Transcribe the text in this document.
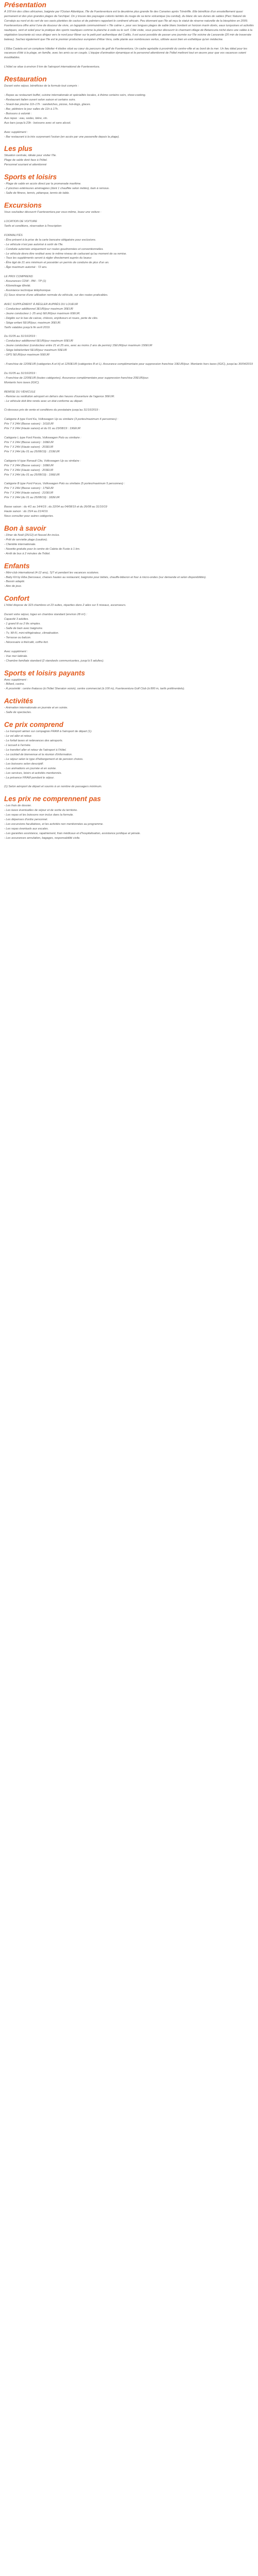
Présentation

À 100 km des côtes africaines, baignée par l'Océan Atlantique, l'île de Fuerteventura est la deuxième plus grande île des Canaries après Ténériffe. Elle bénéficie d'un ensoleillement quasi permanent et des plus grandes plages de l'archipel. On y trouve des paysages colorés teintés du rouge de sa terre volcanique (ou cenital), du blanc de ses dunes de sables (Parc Naturel de Corralejo au nord et du vert de ses oasis plantées de cactus et de palmiers rappelant le continent africain. Peu étonnant que l'île ait reçu le statut de réserve naturelle de la biosphère en 2009. Fuerteventura offre ainsi l'une de douceur de vivre, un lagopède communément « l'île calme », pour ses longues plages de sable blanc bordant un horizon marin dorés, eaux turquoises et activités nautiques, vent et soleil pour la pratique des sports nautiques comme la planche à voile ou le surf. Côté visite, vous pourrez découvrir le charmant village de Betancuria niché dans une vallée à la végétation luxuriante où vous dirigez vers le nord pour flâner sur le petit port authentique del Cotillo, il est aussi possible de passer une journée sur l'île voisine de Lanzarote (20 min de traversée bateau). Sachez également que l'île est le premier producteur européen d'Aloe Vera, cette plante aux nombreuses vertus, utilisée aussi bien en esthétique qu'en médecine.

L'Elba Castela est un complexe hôtelier 4 étoiles situé au cœur du parcours de golf de Fuerteventura. Un cadre agréable à proximité du centre-ville et au bord de la mer. Un lieu idéal pour les vacances d'été à la plage, en famille, avec les amis ou en couple. L'équipe d'animation dynamique et le personnel attentionné de l'hôtel mettront tout en œuvre pour que vos vacances soient inoubliables.

L'hôtel se situe à environ 9 km de l'aéroport international de Fuerteventura.

Restauration

Durant votre séjour, bénéficiez de la formule tout compris :

- Repas au restaurant buffet, cuisine internationale et spécialités locales, à thème certains soirs, show-cooking.
- Restaurant italien ouvert selon saison et certains soirs.
- Snack-bar piscine 11h-17h : sandwiches, pizzas, hot-dogs, glaces.
- Bar, piètiniers le jour salles de 11h à 17h.
- Boissons à volonté :
Aux repas : eau, sodas, bière, vin.
Aux bars jusqu'à 23h : boissons avec et sans alcool.

Avec supplément :
- Bar restaurant à la très surprenant l'océan (en accès par une passerelle depuis la plage).

Les plus

Situation centrale, idéale pour visiter l'île.
Plage de sable doré face à l'hôtel.
Personnel souriant et attentionné

Sports et loisirs

- Plage de sable en accès direct par la promenade maritime.
- 2 piscines extérieures aménagées (dont 1 chauffée selon météo), bain à remous.
- Salle de fitness, tennis, pétanque, tennis de table.

Excursions

Vous souhaitez découvrir Fuerteventura par vous-même, louez une voiture :

LOCATION DE VOITURE
Tarifs et conditions, réservation à l'inscription

FORMALITÉS
- Être présent à la prise de la carte bancaire obligatoire pour exclusions.
- Le véhicule n'est pas autorisé à sortir de l'île.
- Conduite autorisée uniquement sur routes goudronnées et conventionnelles.
- Le véhicule devra être restitué avec le même niveau de carburant qu'au moment de sa remise.
- Tous les suppléments seront à régler directement auprès du loueur.
- Être âgé de 21 ans minimum et posséder un permis de conduire de plus d'un an.
- Âge maximum autorisé : 72 ans.

LE PRIX COMPREND
- Assurances CDW - PAI - TP (1)
- Kilométrage illimité.
- Assistance technique téléphonique.
(1) Sous réserve d'une utilisation normale du véhicule, sur des routes praticables.

AVEC SUPPLÉMENT À RÉGLER AUPRÈS DU LOUEUR
- Conducteur additionnel 3EUR/jour maximum 30EUR
- Jeune conducteur (- 25 ans) 6EUR/jour maximum 60EUR.
- Dégâts sur le bas de caisse, châssis, enjoliveurs et roues, perte de clés.
- Siège enfant 5EUR/jour, maximum 30EUR.
Tarifs valables jusqu'à fin avril 2019.

Du 01/05 au 31/10/2019 :
- Conducteur additionnel 6EUR/jour maximum 60EUR
- Jeune conducteur (conducteur entre 21 et 25 ans, avec au moins 2 ans de permis) 15EUR/jour maximum 150EUR
- Siège bébé/enfant 5EUR/jour maximum 50EUR
- GPS 5EUR/jour maximum 50EUR

- Franchise de 1200EUR (catégories A et H) et 1250EUR (catégories B et L). Assurance complémentaire pour suppression franchise 10EUR/jour. Montants hors taxes (IGIC), jusqu'au 30/04/2019

Du 01/05 au 31/10/2019 :
- Franchise de 1200EUR (toutes catégories). Assurance complémentaire pour suppression franchise 20EUR/jour.
Montants hors taxes (IGIC).

REMISE DU VÉHICULE
- Remise ou restitution aéroport en dehors des heures d'ouverture de l'agence 30EUR.
- Le véhicule doit être rendu avec un état conforme au départ.

Ci-dessous prix de vente et conditions du prestataire jusqu'au 31/10/2019 :

Catégorie A type Ford Ka, Volkswagen Up ou similaire (3 portes/maximum 4 personnes) :
Prix 7 X 24H (Basse saison) : 161EUR
Prix 7 X 24H (Haute saison) et du 01 au 23/08/19 : 196EUR

Catégorie L type Ford Fiesta, Volkswagen Polo ou similaire :
Prix 7 X 24H (Basse saison) : 168EUR
Prix 7 X 24H (Haute saison) : 203EUR
Prix 7 X 24H (du 01 au 25/08/19) : 210EUR

Catégorie H type Renault Clio, Volkswagen Up ou similaire :
Prix 7 X 24H (Basse saison) : 168EUR
Prix 7 X 24H (Haute saison) : 203EUR
Prix 7 X 24H (du 01 au 25/08/19) : 196EUR

Catégorie B type Ford Focus, Volkswagen Polo ou similaire (5 portes/maximum 5 personnes) :
Prix 7 X 24H (Basse saison) : 175EUR
Prix 7 X 24H (Haute saison) : 210EUR
Prix 7 X 24H (du 01 au 25/08/19) : 182EUR

Basse saison : du 4/1 au 14/4/19 ; du 22/04 au 04/08/19 et du 26/08 au 31/10/19
Haute saison : du 15/4 au 21/4/19.
Nous consulter pour autres catégories.

Bon à savoir

- Dîner de Noël (25/12) et Nouvel An inclus.
- Prêt de serviette plage (caution).
- Clientèle internationale.
- Navette gratuite pour le centre de Caleta de Fuste à 1 km.
- Arrêt de bus à 2 minutes de l'hôtel.

Enfants

- Mini-club international (4-12 ans), 7j/7 et pendant les vacances scolaires.
- Baby Kit by Elba (berceaux, chaises hautes au restaurant, baignoire pour bébés, chauffe-biberon et four à micro-ondes (sur demande et selon disponibilités).
- Bassin adapté.
- Aire de jeux.

Confort

L'hôtel dispose de 323 chambres et 23 suites, réparties dans 2 ailes sur 5 niveaux, ascenseurs.

Durant votre séjour, logez en chambre standard (environ 28 m²) :
Capacité 3 adultes.
- 1 grand lit ou 2 lits simples.
- Salle de bain avec baignoire.
- Tv, Wi-Fi, mini-réfrigérateur, climatisation.
- Terrasse ou balcon.
- Nécessaire à thé/café, coffre-fort.

Avec supplément :
- Vue mer latérale.
- Chambre familiale standard (2 standards communicantes, jusqu'à 5 adultes).

Sports et loisirs payants

Avec supplément :
- Billard, casino.
- À proximité : centre thalasso (à l'hôtel Sheraton voisin), centre commercial (à 100 m), Fuerteventura Golf Club (à 800 m, tarifs préférentiels).

Activités

- Animation internationale en journée et en soirée.
- Salle de spectacles.

Ce prix comprend

- Le transport aérien sur compagnie FRAM à l'aéroport de départ (1).
- Le vol aller et retour.
- Le forfait taxes et redevances des aéroports.
- L'accueil à l'arrivée.
- Le transfert aller et retour de l'aéroport à l'hôtel.
- Le cocktail de bienvenue et la réunion d'information.
- Le séjour selon le type d'hébergement et de pension choisis.
- Les boissons selon descriptif.
- Les animations en journée et en soirée.
- Les services, loisirs et activités mentionnés.
- La présence FRAM pendant le séjour.

(1) Selon aéroport de départ et soumis à un nombre de passagers minimum.

Les prix ne comprennent pas

- Les frais de dossier.
- Les taxes éventuelles de séjour et de sortie du territoire.
- Les repas et les boissons non inclus dans la formule.
- Les dépenses d'ordre personnel.
- Les excursions facultatives, et les activités non mentionnées au programme.
- Les repas éventuels aux escales.
- Les garanties assistance, rapatriement, frais médicaux et d'hospitalisation, assistance juridique et pénale.
- Les assurances annulation, bagages, responsabilité civile.
